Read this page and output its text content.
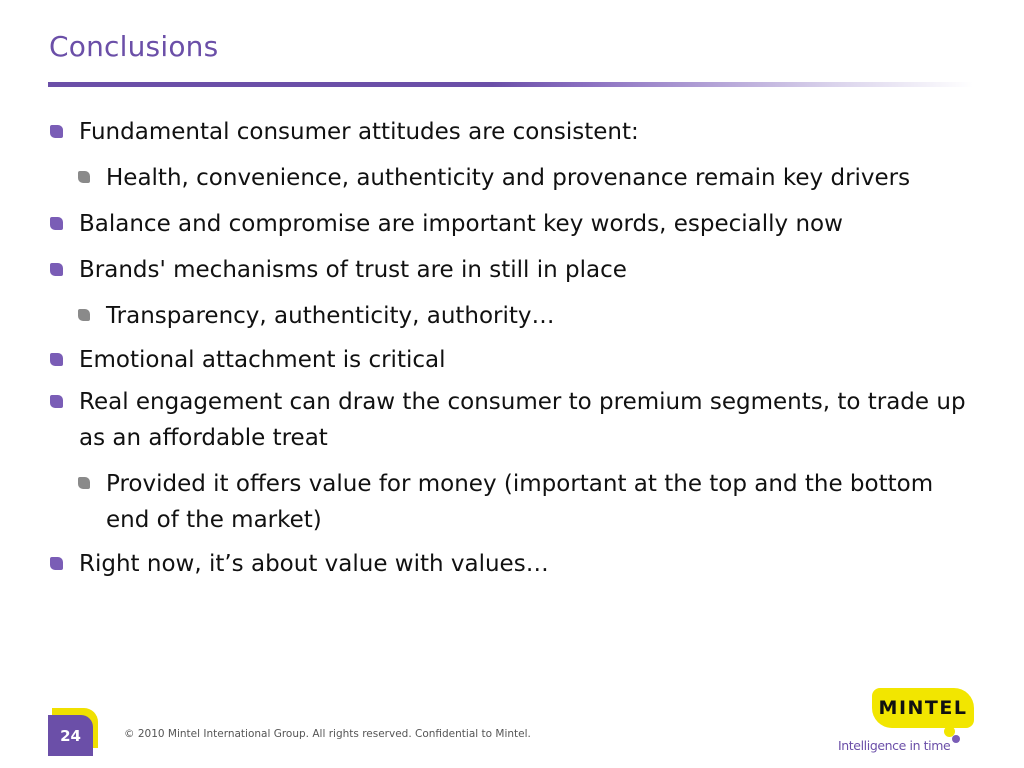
Conclusions
Fundamental consumer attitudes are consistent:
Health, convenience, authenticity and provenance remain key drivers
Balance and compromise are important key words, especially now
Brands' mechanisms of trust are in still in place
Transparency, authenticity, authority…
Emotional attachment is critical
Real engagement can draw the consumer to premium segments, to trade up as an affordable treat
Provided it offers value for money (important at the top and the bottom end of the market)
Right now, it’s about value with values…
24	© 2010 Mintel International Group. All rights reserved. Confidential to Mintel.
MINTEL
Intelligence in time
